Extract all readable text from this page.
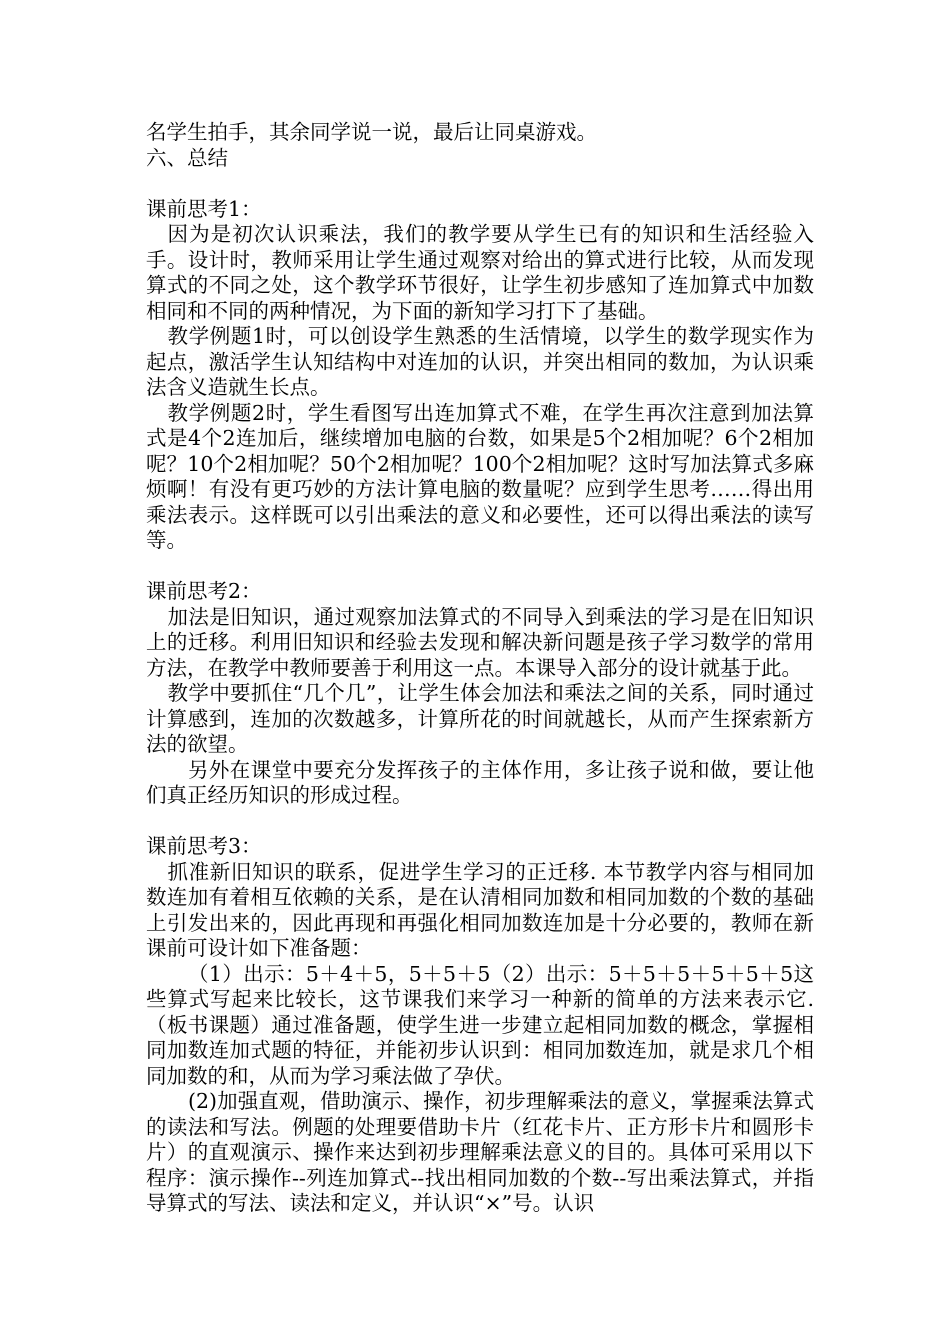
名学生拍手，其余同学说一说，最后让同桌游戏。

六、总结

课前思考1：

因为是初次认识乘法，我们的教学要从学生已有的知识和生活经验入手。设计时，教师采用让学生通过观察对给出的算式进行比较，从而发现算式的不同之处，这个教学环节很好，让学生初步感知了连加算式中加数相同和不同的两种情况，为下面的新知学习打下了基础。

教学例题1时，可以创设学生熟悉的生活情境，以学生的数学现实作为起点，激活学生认知结构中对连加的认识，并突出相同的数加，为认识乘法含义造就生长点。

教学例题2时，学生看图写出连加算式不难，在学生再次注意到加法算式是4个2连加后，继续增加电脑的台数，如果是5个2相加呢？6个2相加呢？10个2相加呢？50个2相加呢？100个2相加呢？这时写加法算式多麻烦啊！有没有更巧妙的方法计算电脑的数量呢？应到学生思考……得出用乘法表示。这样既可以引出乘法的意义和必要性，还可以得出乘法的读写等。

课前思考2：

加法是旧知识，通过观察加法算式的不同导入到乘法的学习是在旧知识上的迁移。利用旧知识和经验去发现和解决新问题是孩子学习数学的常用方法，在教学中教师要善于利用这一点。本课导入部分的设计就基于此。

教学中要抓住“几个几”，让学生体会加法和乘法之间的关系，同时通过计算感到，连加的次数越多，计算所花的时间就越长，从而产生探索新方法的欲望。

另外在课堂中要充分发挥孩子的主体作用，多让孩子说和做，要让他们真正经历知识的形成过程。

课前思考3：

抓准新旧知识的联系，促进学生学习的正迁移. 本节教学内容与相同加数连加有着相互依赖的关系，是在认清相同加数和相同加数的个数的基础上引发出来的，因此再现和再强化相同加数连加是十分必要的，教师在新课前可设计如下准备题：

（1）出示：5＋4＋5，5＋5＋5（2）出示：5＋5＋5＋5＋5＋5这些算式写起来比较长，这节课我们来学习一种新的简单的方法来表示它.（板书课题）通过准备题，使学生进一步建立起相同加数的概念，掌握相同加数连加式题的特征，并能初步认识到：相同加数连加，就是求几个相同加数的和，从而为学习乘法做了孕伏。

(2)加强直观，借助演示、操作，初步理解乘法的意义，掌握乘法算式的读法和写法。例题的处理要借助卡片（红花卡片、正方形卡片和圆形卡片）的直观演示、操作来达到初步理解乘法意义的目的。具体可采用以下程序：演示操作--列连加算式--找出相同加数的个数--写出乘法算式，并指导算式的写法、读法和定义，并认识“×”号。认识
